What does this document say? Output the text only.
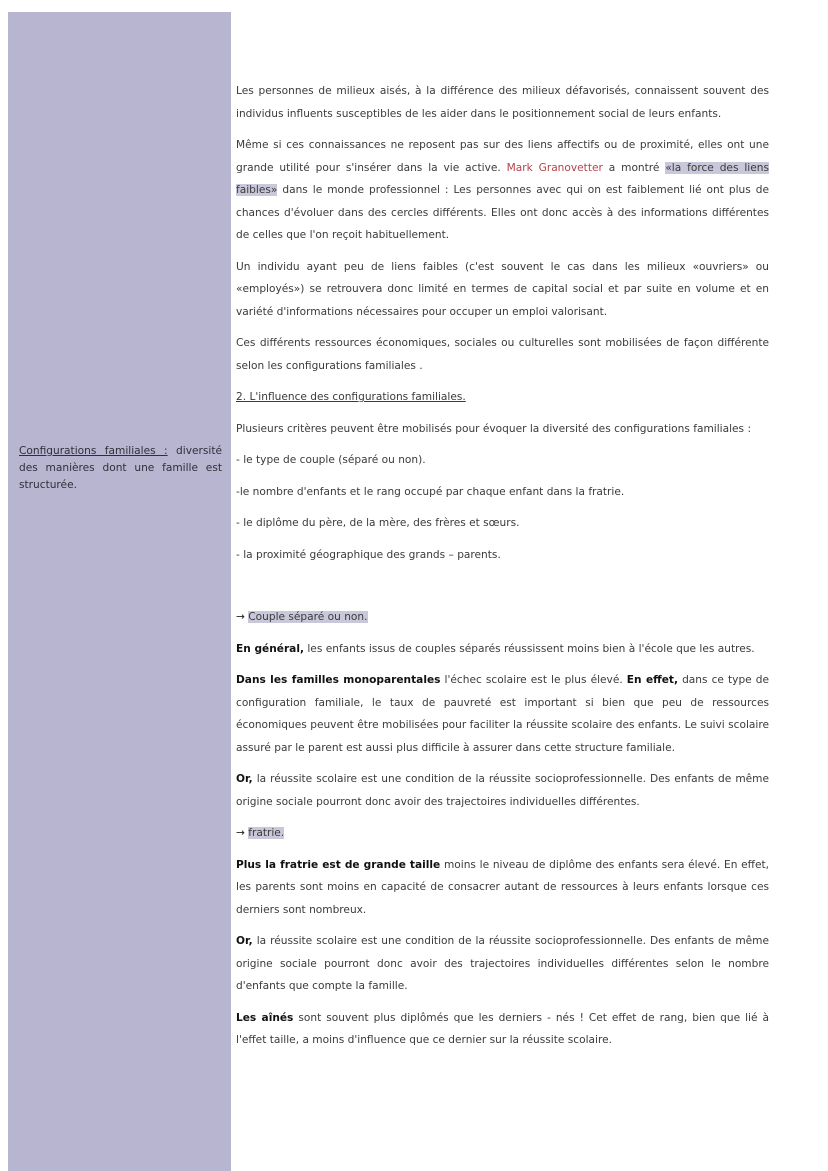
Configurations familiales : diversité des manières dont une famille est structurée.

Les personnes de milieux aisés, à la différence des milieux défavorisés, connaissent souvent des individus influents susceptibles de les aider dans le positionnement social de leurs enfants.

Même si ces connaissances ne reposent pas sur des liens affectifs ou de proximité, elles ont une grande utilité pour s'insérer dans la vie active. Mark Granovetter a montré «la force des liens faibles» dans le monde professionnel : Les personnes avec qui on est faiblement lié ont plus de chances d'évoluer dans des cercles différents. Elles ont donc accès à des informations différentes de celles que l'on reçoit habituellement.

Un individu ayant peu de liens faibles (c'est souvent le cas dans les milieux «ouvriers» ou «employés») se retrouvera donc limité en termes de capital social et par suite en volume et en variété d'informations nécessaires pour occuper un emploi valorisant.

Ces différents ressources économiques, sociales ou culturelles sont mobilisées de façon différente selon les configurations familiales .

2. L'influence des configurations familiales.

Plusieurs critères peuvent être mobilisés pour évoquer la diversité des configurations familiales :

- le type de couple (séparé ou non).

-le nombre d'enfants et le rang occupé par chaque enfant dans la fratrie.

- le diplôme du père, de la mère, des frères et sœurs.

- la proximité géographique des grands – parents.

→ Couple séparé ou non.

En général, les enfants issus de couples séparés réussissent moins bien à l'école que les autres.

Dans les familles monoparentales l'échec scolaire est le plus élevé. En effet, dans ce type de configuration familiale, le taux de pauvreté est important si bien que peu de ressources économiques peuvent être mobilisées pour faciliter la réussite scolaire des enfants. Le suivi scolaire assuré par le parent est aussi plus difficile à assurer dans cette structure familiale.

Or, la réussite scolaire est une condition de la réussite socioprofessionnelle. Des enfants de même origine sociale pourront donc avoir des trajectoires individuelles différentes.

→ fratrie.

Plus la fratrie est de grande taille moins le niveau de diplôme des enfants sera élevé. En effet, les parents sont moins en capacité de consacrer autant de ressources à leurs enfants lorsque ces derniers sont nombreux.

Or, la réussite scolaire est une condition de la réussite socioprofessionnelle. Des enfants de même origine sociale pourront donc avoir des trajectoires individuelles différentes selon le nombre d'enfants que compte la famille.

Les aînés sont souvent plus diplômés que les derniers - nés ! Cet effet de rang, bien que lié à l'effet taille, a moins d'influence que ce dernier sur la réussite scolaire.
